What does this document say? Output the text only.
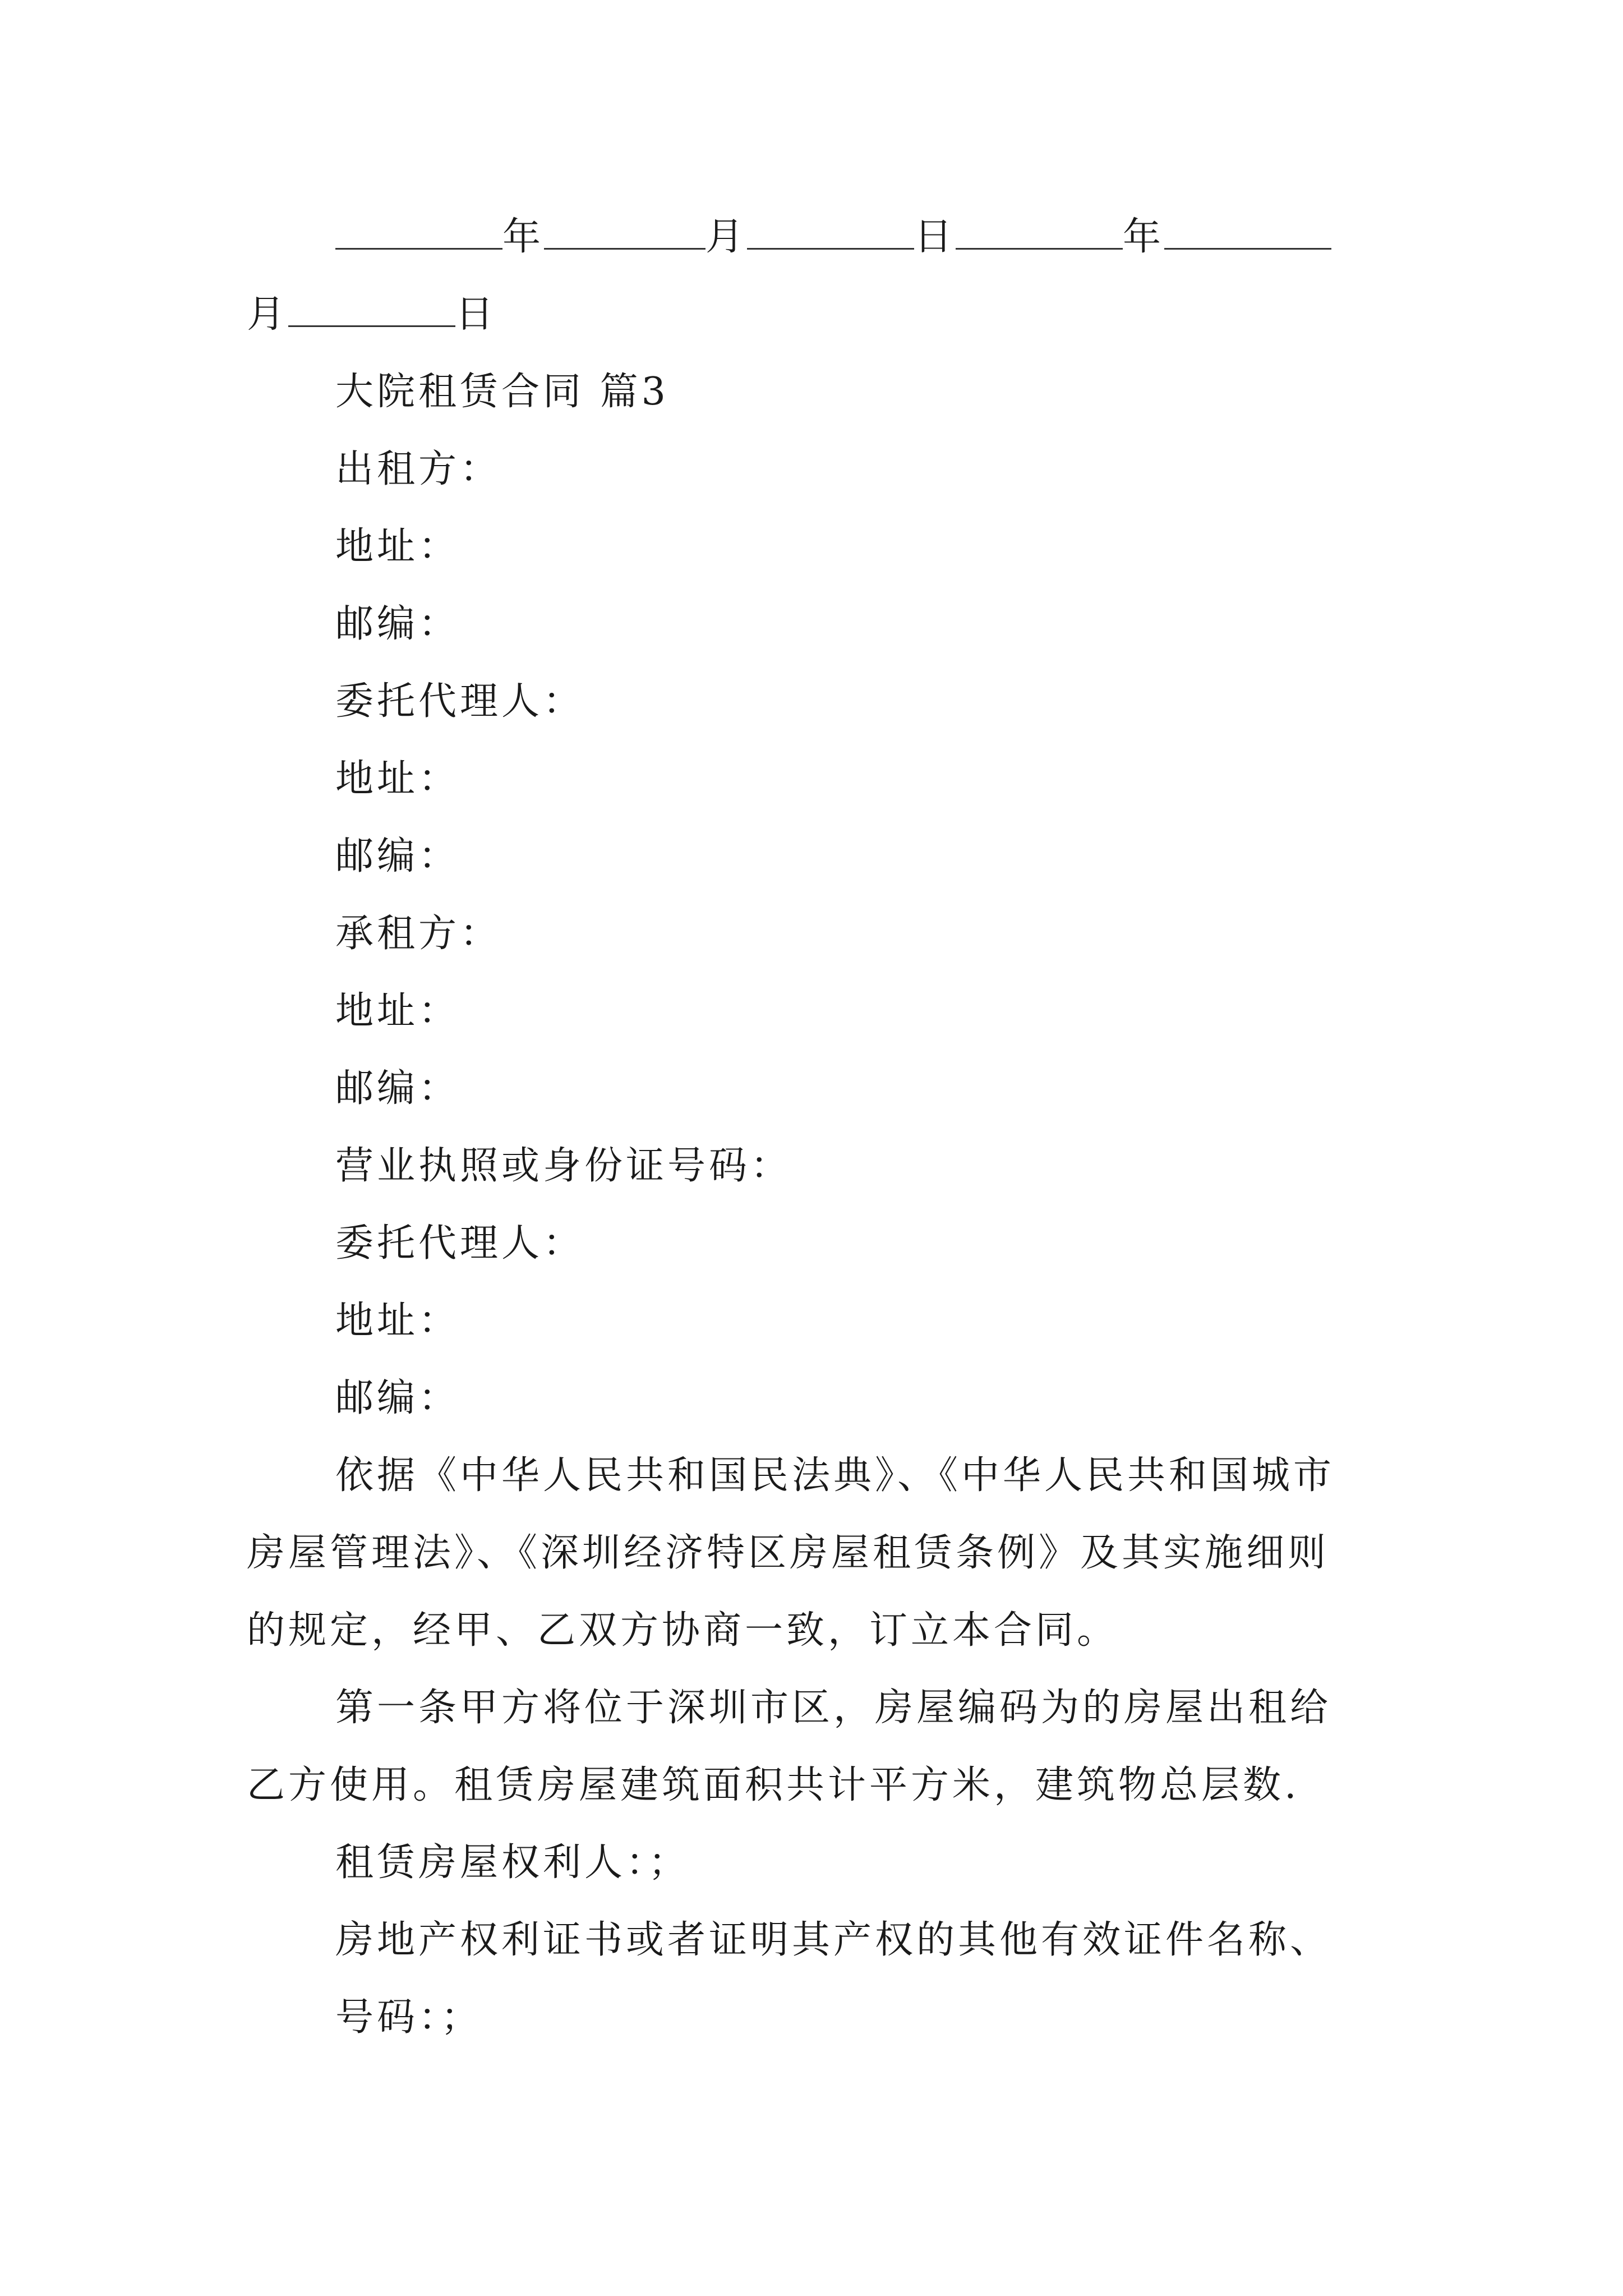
年	月	日	年
月	日
大院租赁合同 篇3
出租方：
地址：
邮编：
委托代理人：
地址：
邮编：
承租方：
地址：
邮编：
营业执照或身份证号码：
委托代理人：
地址：
邮编：
依据《中华人民共和国民法典》、《中华人民共和国城市
房屋管理法》、《深圳经济特区房屋租赁条例》及其实施细则
的规定，经甲、乙双方协商一致，订立本合同。
第一条甲方将位于深圳市区，房屋编码为的房屋出租给
乙方使用。租赁房屋建筑面积共计平方米，建筑物总层数.
租赁房屋权利人：；
房地产权利证书或者证明其产权的其他有效证件名称、
号码：；
